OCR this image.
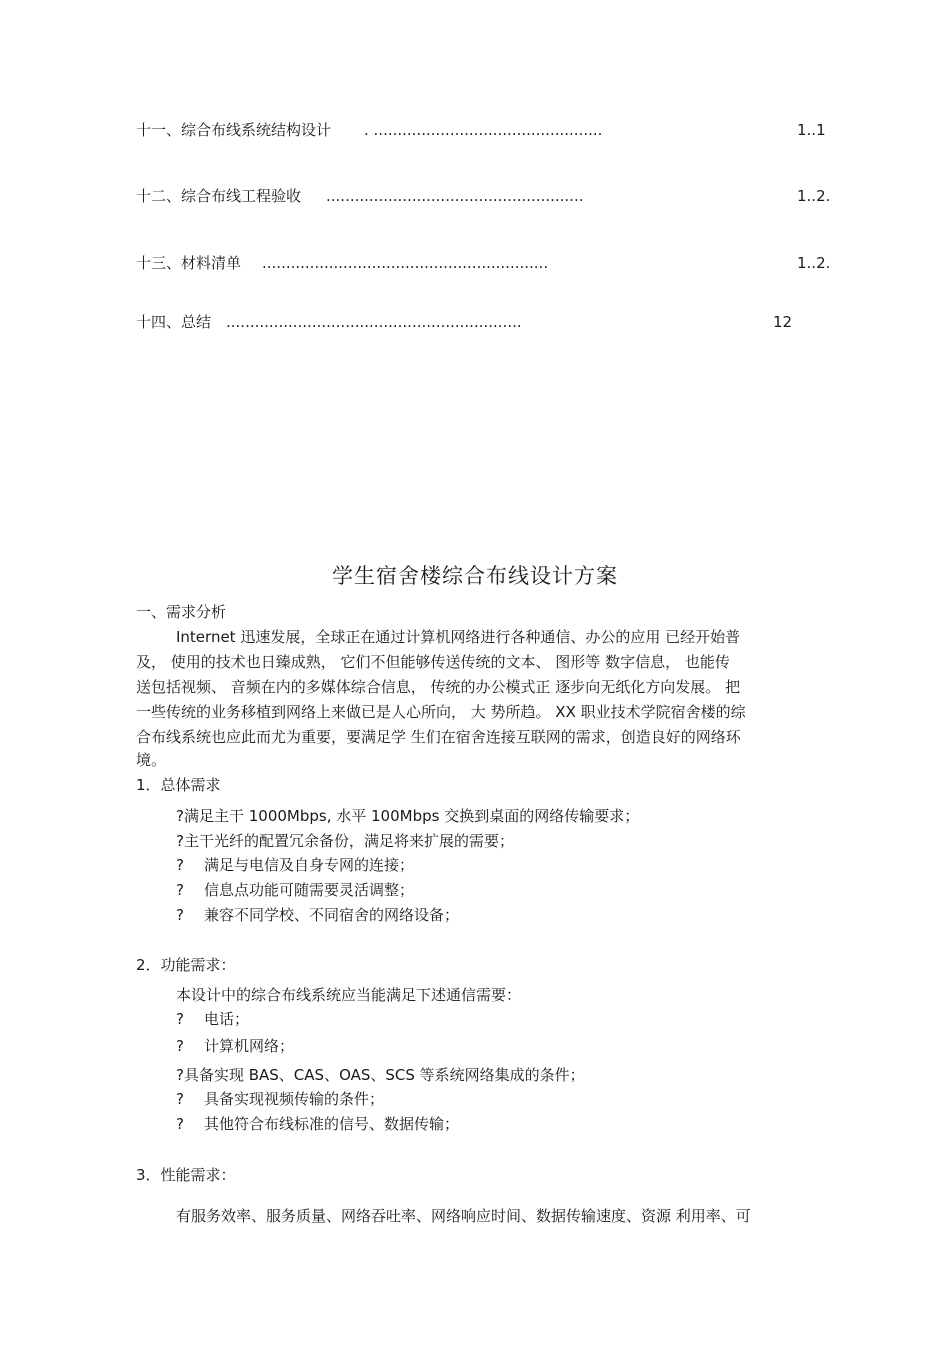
十一、综合布线系统结构设计 . ................................................	1..1
十二、综合布线工程验收 ......................................................	1..2.
十三、材料清单 ............................................................	1..2.
十四、总结 ..............................................................	12
学生宿舍楼综合布线设计方案
一、需求分析
Internet 迅速发展，全球正在通过计算机网络进行各种通信、办公的应用 已经开始普
及， 使用的技术也日臻成熟， 它们不但能够传送传统的文本、 图形等 数字信息， 也能传
送包括视频、 音频在内的多媒体综合信息， 传统的办公模式正 逐步向无纸化方向发展。 把
一些传统的业务移植到网络上来做已是人心所向， 大 势所趋。 XX 职业技术学院宿舍楼的综
合布线系统也应此而尤为重要，要满足学 生们在宿舍连接互联网的需求，创造良好的网络环
境。
1．总体需求
?满足主干 1000Mbps, 水平 100Mbps 交换到桌面的网络传输要求；
?主干光纤的配置冗余备份，满足将来扩展的需要；
? 满足与电信及自身专网的连接；
? 信息点功能可随需要灵活调整；
? 兼容不同学校、不同宿舍的网络设备；
2．功能需求：
本设计中的综合布线系统应当能满足下述通信需要：
? 电话；
? 计算机网络；
?具备实现 BAS、CAS、OAS、SCS 等系统网络集成的条件；
? 具备实现视频传输的条件；
? 其他符合布线标准的信号、数据传输；
3．性能需求：
有服务效率、服务质量、网络吞吐率、网络响应时间、数据传输速度、资源 利用率、可
